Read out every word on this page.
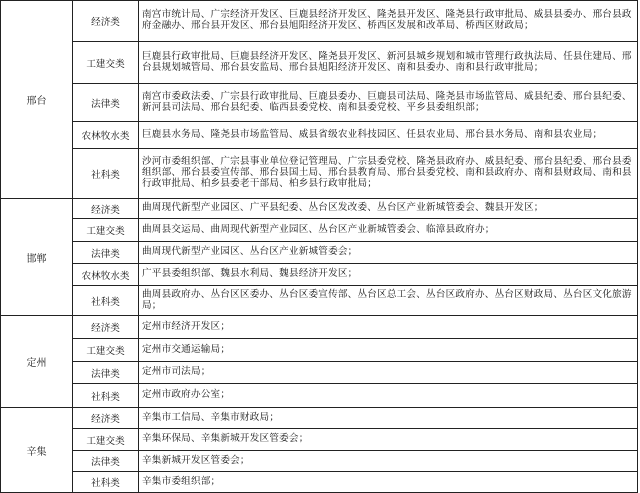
邢台	经济类	南宫市统计局、广宗经济开发区、巨鹿县经济开发区、隆尧县开发区、隆尧县行政审批局、威县县委办、邢台县政府金融办、邢台县开发区、邢台县旭阳经济开发区、桥西区发展和改革局、桥西区财政局；
	工建交类	巨鹿县行政审批局、巨鹿县经济开发区、隆尧县开发区、新河县城乡规划和城市管理行政执法局、任县住建局、邢台县规划城管局、邢台县安监局、邢台县旭阳经济开发区、南和县委办、南和县行政审批局；
	法律类	南宫市委政法委、广宗县行政审批局、巨鹿县委办、巨鹿县司法局、隆尧县市场监管局、威县纪委、邢台县纪委、新河县司法局、邢台县纪委、临西县委党校、南和县委党校、平乡县委组织部；
	农林牧水类	巨鹿县水务局、隆尧县市场监管局、威县省级农业科技园区、任县农业局、邢台县水务局、南和县农业局；
	社科类	沙河市委组织部、广宗县事业单位登记管理局、广宗县委党校、隆尧县政府办、威县纪委、邢台县纪委、邢台县委组织部、邢台县委宣传部、邢台县国土局、邢台县教育局、邢台县委党校、南和县政府办、南和县财政局、南和县行政审批局、柏乡县委老干部局、柏乡县行政审批局；
邯郸	经济类	曲周现代新型产业园区、广平县纪委、丛台区发改委、丛台区产业新城管委会、魏县开发区；
	工建交类	曲周县交运局、曲周现代新型产业园区、丛台区产业新城管委会、临漳县政府办；
	法律类	曲周现代新型产业园区、丛台区产业新城管委会；
	农林牧水类	广平县委组织部、魏县水利局、魏县经济开发区；
	社科类	曲周县政府办、丛台区区委办、丛台区委宣传部、丛台区总工会、丛台区政府办、丛台区财政局、丛台区文化旅游局；
定州	经济类	定州市经济开发区；
	工建交类	定州市交通运输局；
	法律类	定州市司法局；
	社科类	定州市政府办公室；
辛集	经济类	辛集市工信局、辛集市财政局；
	工建交类	辛集环保局、辛集新城开发区管委会；
	法律类	辛集新城开发区管委会；
	社科类	辛集市委组织部；
